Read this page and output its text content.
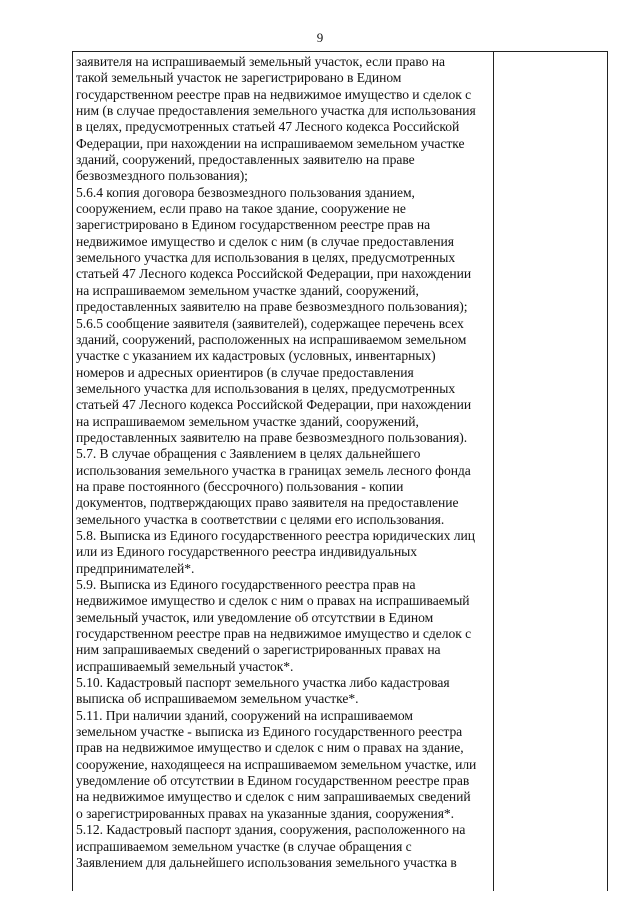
9
заявителя на испрашиваемый земельный участок, если право на
такой земельный участок не зарегистрировано в Едином
государственном реестре прав на недвижимое имущество и сделок с
ним (в случае предоставления земельного участка для использования
в целях, предусмотренных статьей 47 Лесного кодекса Российской
Федерации, при нахождении на испрашиваемом земельном участке
зданий, сооружений, предоставленных заявителю на праве
безвозмездного пользования);
5.6.4 копия договора безвозмездного пользования зданием,
сооружением, если право на такое здание, сооружение не
зарегистрировано в Едином государственном реестре прав на
недвижимое имущество и сделок с ним (в случае предоставления
земельного участка для использования в целях, предусмотренных
статьей 47 Лесного кодекса Российской Федерации, при нахождении
на испрашиваемом земельном участке зданий, сооружений,
предоставленных заявителю на праве безвозмездного пользования);
5.6.5 сообщение заявителя (заявителей), содержащее перечень всех
зданий, сооружений, расположенных на испрашиваемом земельном
участке с указанием их кадастровых (условных, инвентарных)
номеров и адресных ориентиров (в случае предоставления
земельного участка для использования в целях, предусмотренных
статьей 47 Лесного кодекса Российской Федерации, при нахождении
на испрашиваемом земельном участке зданий, сооружений,
предоставленных заявителю на праве безвозмездного пользования).
5.7. В случае обращения с Заявлением в целях дальнейшего
использования земельного участка в границах земель лесного фонда
на праве постоянного (бессрочного) пользования - копии
документов, подтверждающих право заявителя на предоставление
земельного участка в соответствии с целями его использования.
5.8. Выписка из Единого государственного реестра юридических лиц
или из Единого государственного реестра индивидуальных
предпринимателей*.
5.9. Выписка из Единого государственного реестра прав на
недвижимое имущество и сделок с ним о правах на испрашиваемый
земельный участок, или уведомление об отсутствии в Едином
государственном реестре прав на недвижимое имущество и сделок с
ним запрашиваемых сведений о зарегистрированных правах на
испрашиваемый земельный участок*.
5.10. Кадастровый паспорт земельного участка либо кадастровая
выписка об испрашиваемом земельном участке*.
5.11. При наличии зданий, сооружений на испрашиваемом
земельном участке - выписка из Единого государственного реестра
прав на недвижимое имущество и сделок с ним о правах на здание,
сооружение, находящееся на испрашиваемом земельном участке, или
уведомление об отсутствии в Едином государственном реестре прав
на недвижимое имущество и сделок с ним запрашиваемых сведений
о зарегистрированных правах на указанные здания, сооружения*.
5.12. Кадастровый паспорт здания, сооружения, расположенного на
испрашиваемом земельном участке (в случае обращения с
Заявлением для дальнейшего использования земельного участка в
